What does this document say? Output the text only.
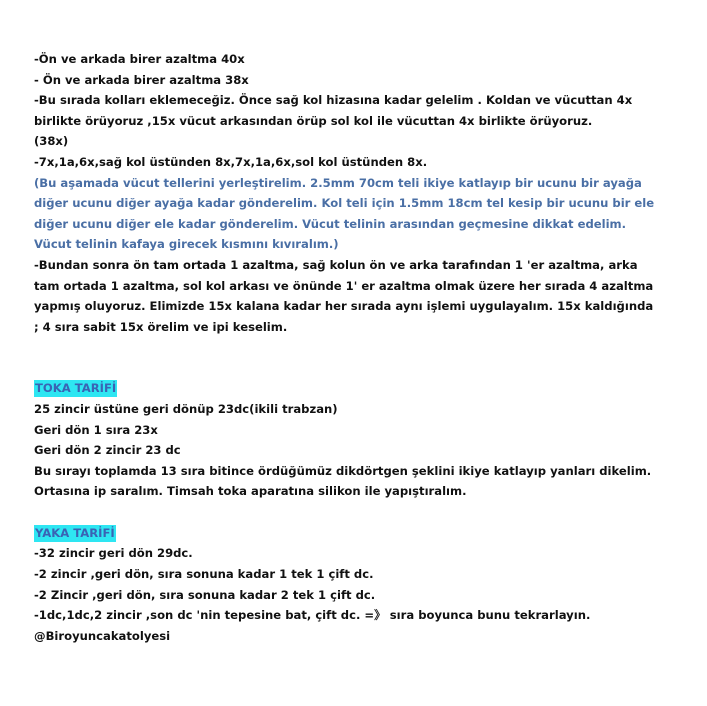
-Ön ve arkada birer azaltma 40x
- Ön ve arkada birer azaltma 38x
-Bu sırada kolları eklemeceğiz. Önce sağ kol hizasına kadar gelelim . Koldan ve vücuttan 4x
birlikte örüyoruz ,15x vücut arkasından örüp sol kol ile vücuttan 4x birlikte örüyoruz.
(38x)
-7x,1a,6x,sağ kol üstünden 8x,7x,1a,6x,sol kol üstünden 8x.
(Bu aşamada vücut tellerini yerleştirelim. 2.5mm 70cm teli ikiye katlayıp bir ucunu bir ayağa
diğer ucunu diğer ayağa kadar gönderelim. Kol teli için 1.5mm 18cm tel kesip bir ucunu bir ele
diğer ucunu diğer ele kadar gönderelim. Vücut telinin arasından geçmesine dikkat edelim.
Vücut telinin kafaya girecek kısmını kıvıralım.)
-Bundan sonra ön tam ortada 1 azaltma, sağ kolun ön ve arka tarafından 1 'er azaltma, arka
tam ortada 1 azaltma, sol kol arkası ve önünde 1' er azaltma olmak üzere her sırada 4 azaltma
yapmış oluyoruz. Elimizde 15x kalana kadar her sırada aynı işlemi uygulayalım. 15x kaldığında
; 4 sıra sabit 15x örelim ve ipi keselim.
TOKA TARİFİ
25 zincir üstüne geri dönüp 23dc(ikili trabzan)
Geri dön 1 sıra 23x
Geri dön 2 zincir 23 dc
Bu sırayı toplamda 13 sıra bitince ördüğümüz dikdörtgen şeklini ikiye katlayıp yanları dikelim.
Ortasına ip saralım. Timsah toka aparatına silikon ile yapıştıralım.
YAKA TARİFİ
-32 zincir geri dön 29dc.
-2 zincir ,geri dön, sıra sonuna kadar 1 tek 1 çift dc.
-2 Zincir ,geri dön, sıra sonuna kadar 2 tek 1 çift dc.
-1dc,1dc,2 zincir ,son dc 'nin tepesine bat, çift dc. =》 sıra boyunca bunu tekrarlayın.
@Biroyuncakatolyesi
